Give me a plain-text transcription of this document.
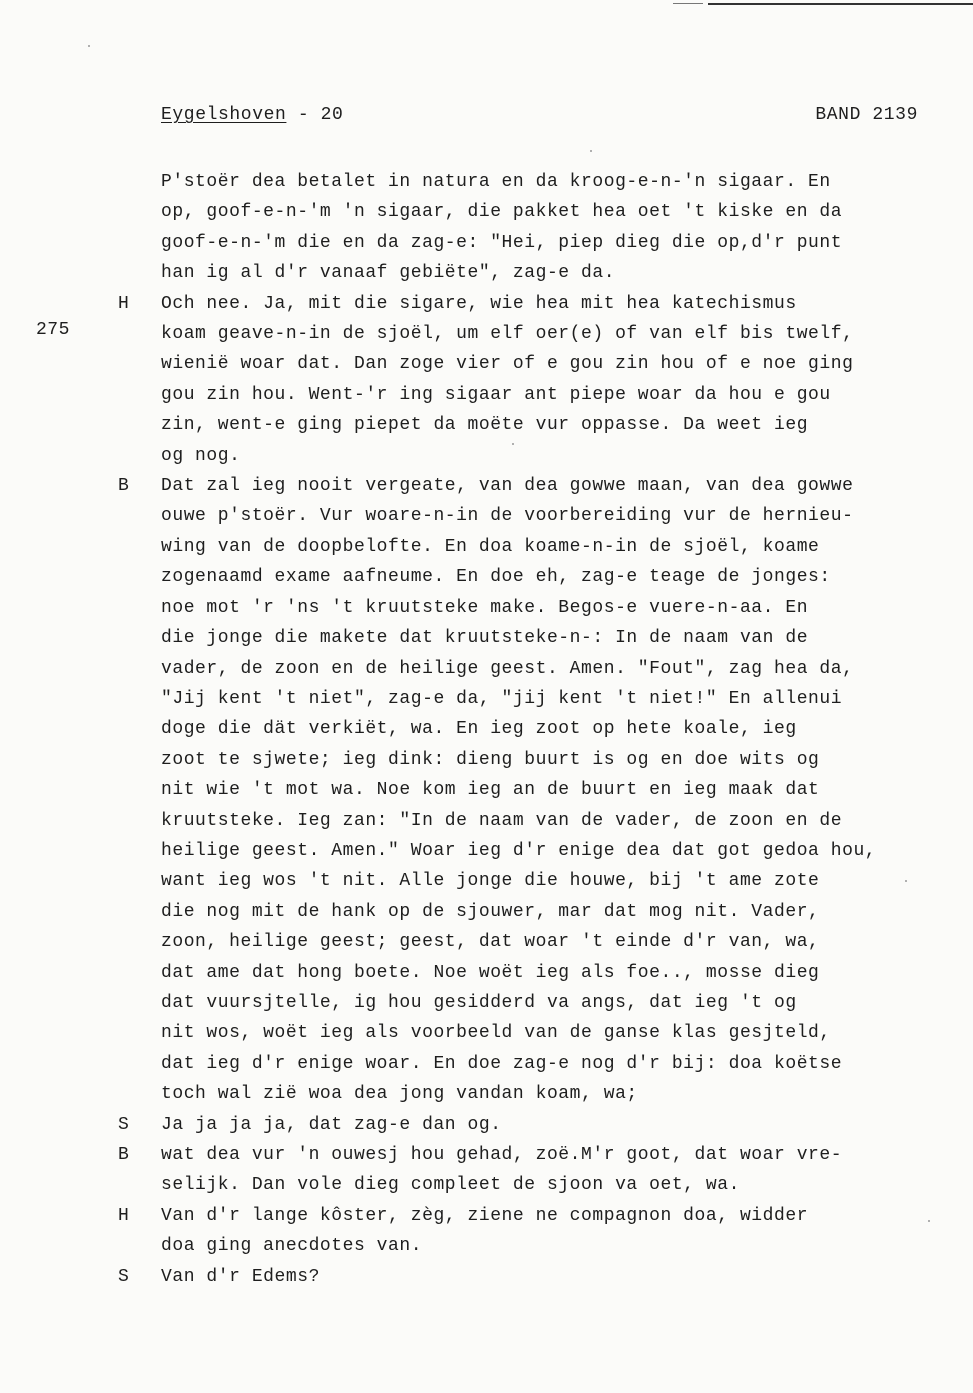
Eygelshoven - 20	BAND 2139
275
P'stoër dea betalet in natura en da kroog-e-n-'n sigaar. En
op, goof-e-n-'m 'n sigaar, die pakket hea oet 't kiske en da
goof-e-n-'m die en da zag-e: "Hei, piep dieg die op,d'r punt
han ig al d'r vanaaf gebiëte", zag-e da.
H	Och nee. Ja, mit die sigare, wie hea mit hea katechismus
koam geave-n-in de sjoël, um elf oer(e) of van elf bis twelf,
wienië woar dat. Dan zoge vier of e gou zin hou of e noe ging
gou zin hou. Went-'r ing sigaar ant piepe woar da hou e gou
zin, went-e ging piepet da moëte vur oppasse. Da weet ieg
og nog.
B	Dat zal ieg nooit vergeate, van dea gowwe maan, van dea gowwe
ouwe p'stoër. Vur woare-n-in de voorbereiding vur de hernieu-
wing van de doopbelofte. En doa koame-n-in de sjoël, koame
zogenaamd exame aafneume. En doe eh, zag-e teage de jonges:
noe mot 'r 'ns 't kruutsteke make. Begos-e vuere-n-aa. En
die jonge die makete dat kruutsteke-n-: In de naam van de
vader, de zoon en de heilige geest. Amen. "Fout", zag hea da,
"Jij kent 't niet", zag-e da, "jij kent 't niet!" En allenui
doge die dät verkiët, wa. En ieg zoot op hete koale, ieg
zoot te sjwete; ieg dink: dieng buurt is og en doe wits og
nit wie 't mot wa. Noe kom ieg an de buurt en ieg maak dat
kruutsteke. Ieg zan: "In de naam van de vader, de zoon en de
heilige geest. Amen." Woar ieg d'r enige dea dat got gedoa hou,
want ieg wos 't nit. Alle jonge die houwe, bij 't ame zote
die nog mit de hank op de sjouwer, mar dat mog nit. Vader,
zoon, heilige geest; geest, dat woar 't einde d'r van, wa,
dat ame dat hong boete. Noe woët ieg als foe.., mosse dieg
dat vuursjtelle, ig hou gesidderd va angs, dat ieg 't og
nit wos, woët ieg als voorbeeld van de ganse klas gesjteld,
dat ieg d'r enige woar. En doe zag-e nog d'r bij: doa koëtse
toch wal zië woa dea jong vandan koam, wa;
S	Ja ja ja ja, dat zag-e dan og.
B	wat dea vur 'n ouwesj hou gehad, zoë.M'r goot, dat woar vre-
selijk. Dan vole dieg compleet de sjoon va oet, wa.
H	Van d'r lange kôster, zèg, ziene ne compagnon doa, widder
doa ging anecdotes van.
S	Van d'r Edems?
